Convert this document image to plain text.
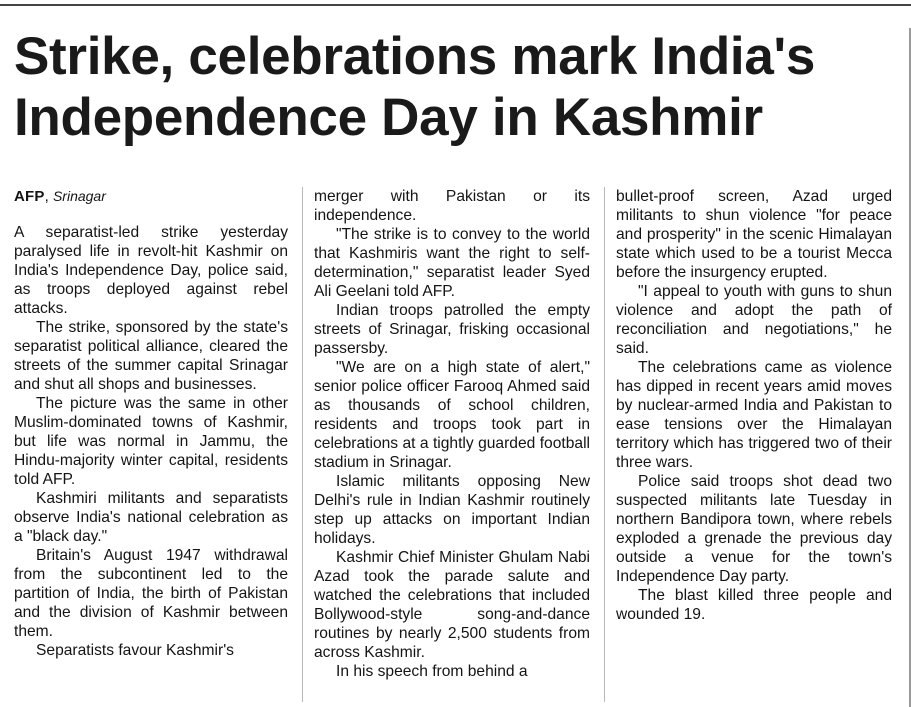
Strike, celebrations mark India's Independence Day in Kashmir

AFP, Srinagar

A separatist-led strike yesterday paralysed life in revolt-hit Kashmir on India's Independence Day, police said, as troops deployed against rebel attacks.

The strike, sponsored by the state's separatist political alliance, cleared the streets of the summer capital Srinagar and shut all shops and businesses.

The picture was the same in other Muslim-dominated towns of Kashmir, but life was normal in Jammu, the Hindu-majority winter capital, residents told AFP.

Kashmiri militants and separatists observe India's national celebration as a "black day."

Britain's August 1947 withdrawal from the subcontinent led to the partition of India, the birth of Pakistan and the division of Kashmir between them.

Separatists favour Kashmir's

merger with Pakistan or its independence.

"The strike is to convey to the world that Kashmiris want the right to self-determination," separatist leader Syed Ali Geelani told AFP.

Indian troops patrolled the empty streets of Srinagar, frisking occasional passersby.

"We are on a high state of alert," senior police officer Farooq Ahmed said as thousands of school children, residents and troops took part in celebrations at a tightly guarded football stadium in Srinagar.

Islamic militants opposing New Delhi's rule in Indian Kashmir routinely step up attacks on important Indian holidays.

Kashmir Chief Minister Ghulam Nabi Azad took the parade salute and watched the celebrations that included Bollywood-style song-and-dance routines by nearly 2,500 students from across Kashmir.

In his speech from behind a

bullet-proof screen, Azad urged militants to shun violence "for peace and prosperity" in the scenic Himalayan state which used to be a tourist Mecca before the insurgency erupted.

"I appeal to youth with guns to shun violence and adopt the path of reconciliation and negotiations," he said.

The celebrations came as violence has dipped in recent years amid moves by nuclear-armed India and Pakistan to ease tensions over the Himalayan territory which has triggered two of their three wars.

Police said troops shot dead two suspected militants late Tuesday in northern Bandipora town, where rebels exploded a grenade the previous day outside a venue for the town's Independence Day party.

The blast killed three people and wounded 19.
